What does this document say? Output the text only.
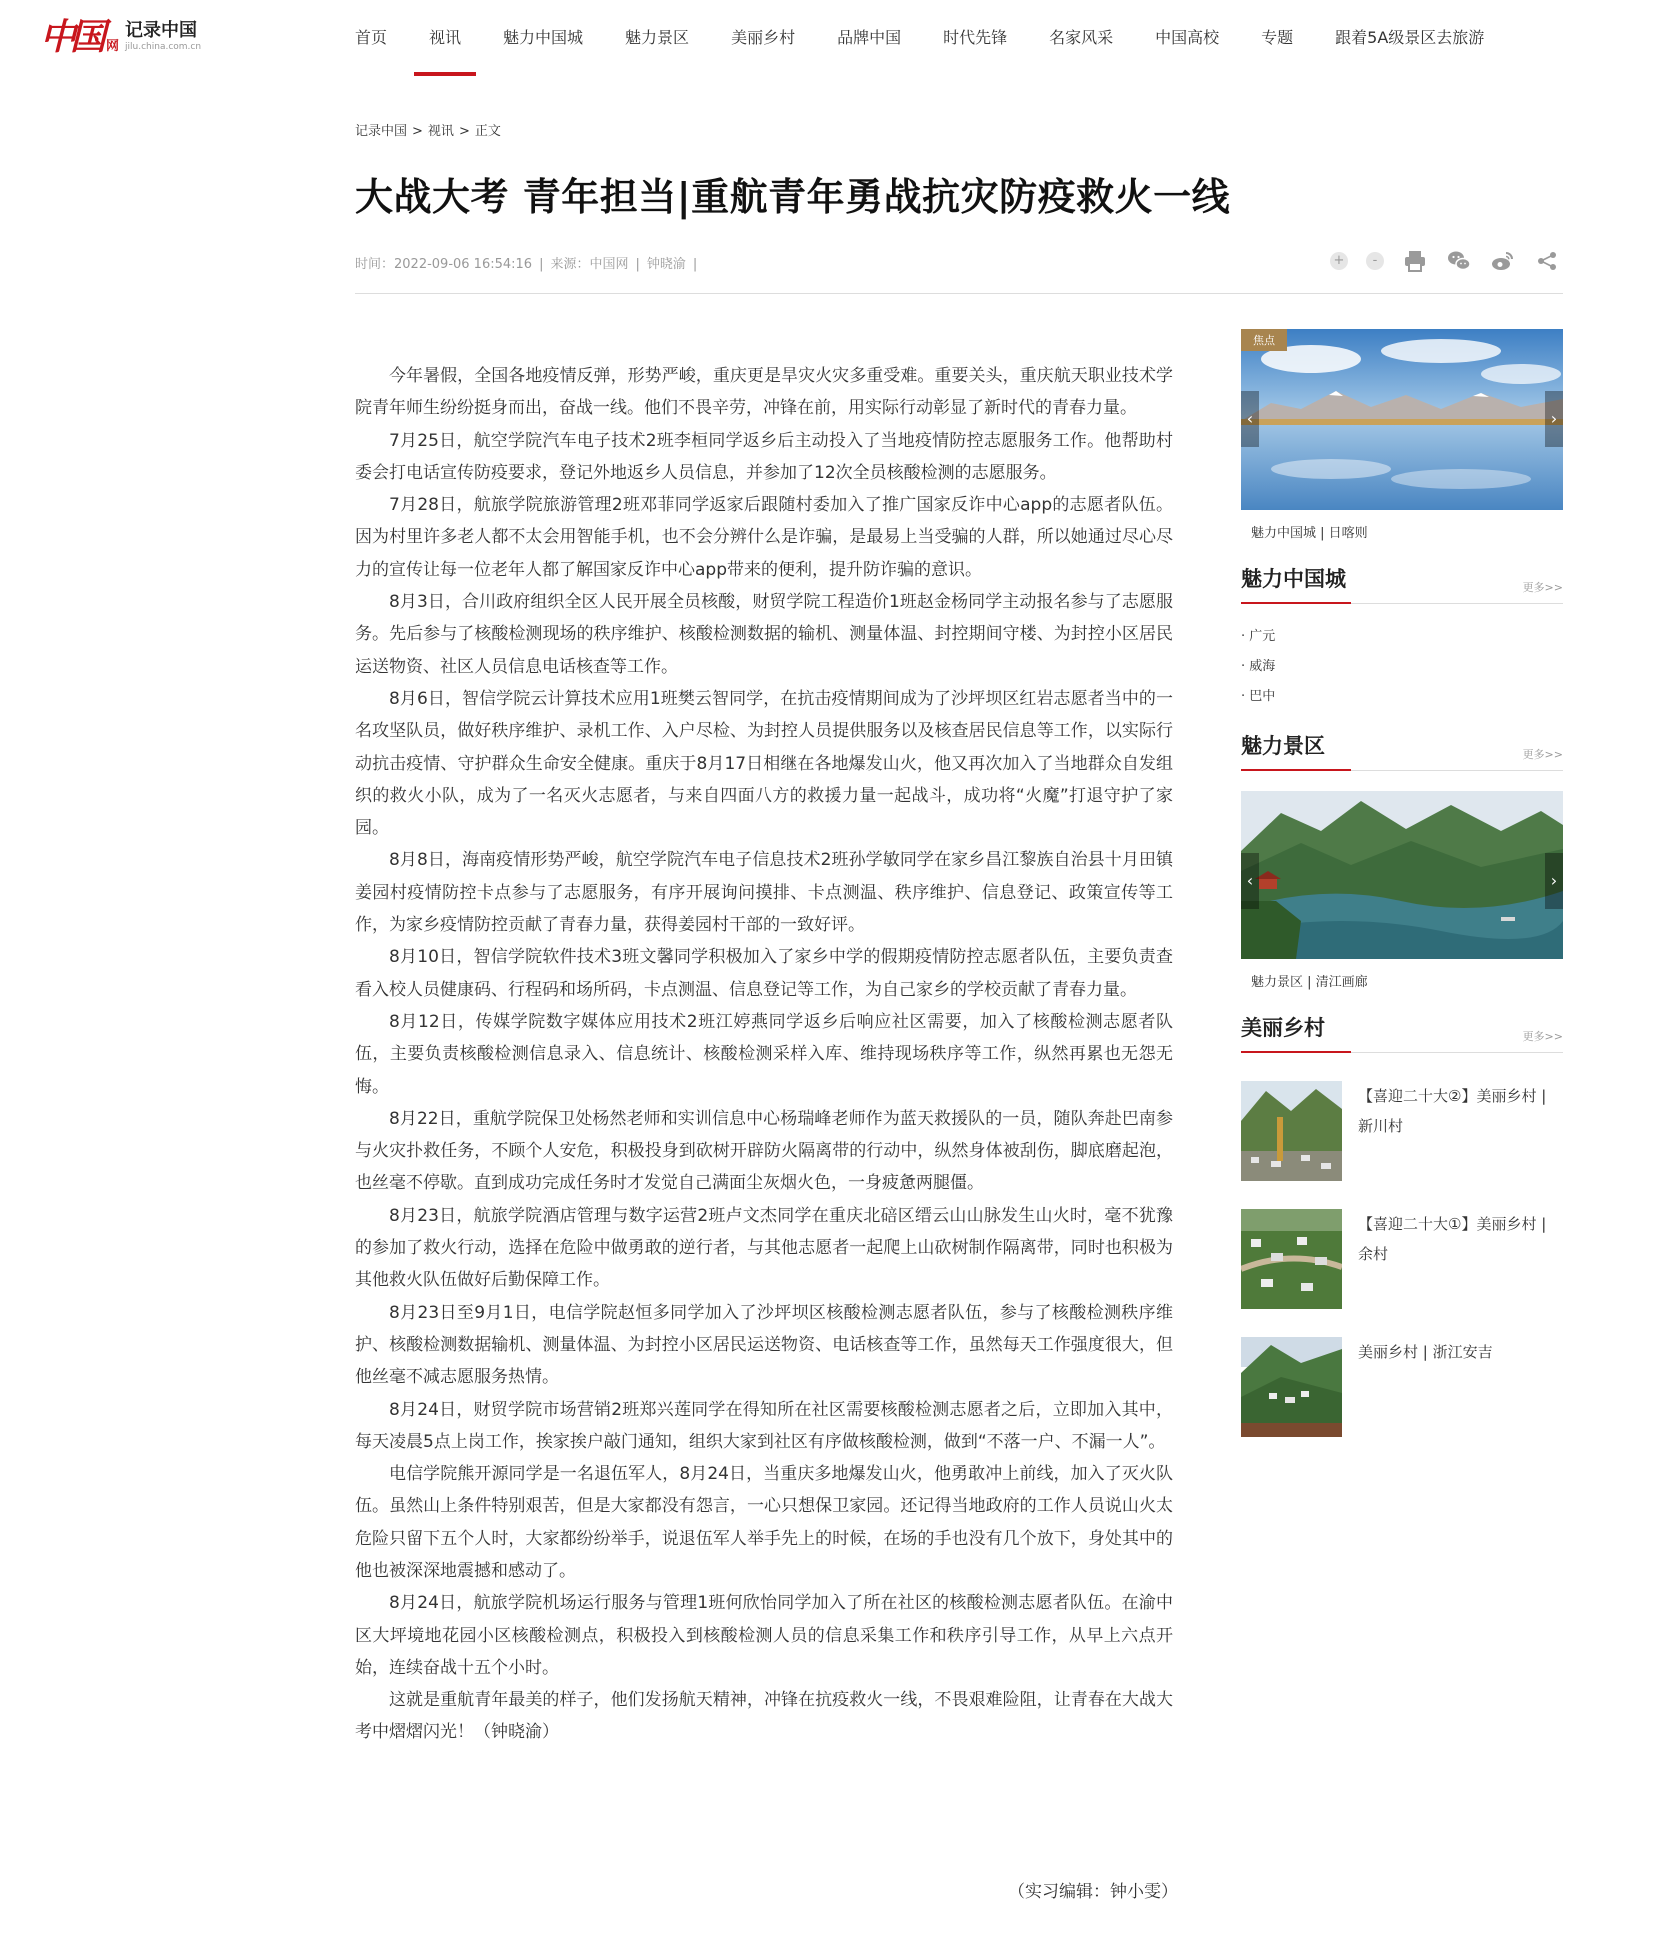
中国 网
记录中国
jilu.china.com.cn	首页	视讯	魅力中国城	魅力景区	美丽乡村	品牌中国	时代先锋	名家风采	中国高校	专题	跟着5A级景区去旅游
记录中国 > 视讯 > 正文
大战大考 青年担当|重航青年勇战抗灾防疫救火一线
时间：2022-09-06 16:54:16 | 来源：中国网 | 钟晓渝 |	+	-

今年暑假，全国各地疫情反弹，形势严峻，重庆更是旱灾火灾多重受难。重要关头，重庆航天职业技术学院青年师生纷纷挺身而出，奋战一线。他们不畏辛劳，冲锋在前，用实际行动彰显了新时代的青春力量。

7月25日，航空学院汽车电子技术2班李桓同学返乡后主动投入了当地疫情防控志愿服务工作。他帮助村委会打电话宣传防疫要求，登记外地返乡人员信息，并参加了12次全员核酸检测的志愿服务。

7月28日，航旅学院旅游管理2班邓菲同学返家后跟随村委加入了推广国家反诈中心app的志愿者队伍。因为村里许多老人都不太会用智能手机，也不会分辨什么是诈骗，是最易上当受骗的人群，所以她通过尽心尽力的宣传让每一位老年人都了解国家反诈中心app带来的便利，提升防诈骗的意识。

8月3日，合川政府组织全区人民开展全员核酸，财贸学院工程造价1班赵金杨同学主动报名参与了志愿服务。先后参与了核酸检测现场的秩序维护、核酸检测数据的输机、测量体温、封控期间守楼、为封控小区居民运送物资、社区人员信息电话核查等工作。

8月6日，智信学院云计算技术应用1班樊云智同学，在抗击疫情期间成为了沙坪坝区红岩志愿者当中的一名攻坚队员，做好秩序维护、录机工作、入户尽检、为封控人员提供服务以及核查居民信息等工作，以实际行动抗击疫情、守护群众生命安全健康。重庆于8月17日相继在各地爆发山火，他又再次加入了当地群众自发组织的救火小队，成为了一名灭火志愿者，与来自四面八方的救援力量一起战斗，成功将“火魔”打退守护了家园。

8月8日，海南疫情形势严峻，航空学院汽车电子信息技术2班孙学敏同学在家乡昌江黎族自治县十月田镇姜园村疫情防控卡点参与了志愿服务，有序开展询问摸排、卡点测温、秩序维护、信息登记、政策宣传等工作，为家乡疫情防控贡献了青春力量，获得姜园村干部的一致好评。

8月10日，智信学院软件技术3班文馨同学积极加入了家乡中学的假期疫情防控志愿者队伍，主要负责查看入校人员健康码、行程码和场所码，卡点测温、信息登记等工作，为自己家乡的学校贡献了青春力量。

8月12日，传媒学院数字媒体应用技术2班江婷燕同学返乡后响应社区需要，加入了核酸检测志愿者队伍，主要负责核酸检测信息录入、信息统计、核酸检测采样入库、维持现场秩序等工作，纵然再累也无怨无悔。

8月22日，重航学院保卫处杨然老师和实训信息中心杨瑞峰老师作为蓝天救援队的一员，随队奔赴巴南参与火灾扑救任务，不顾个人安危，积极投身到砍树开辟防火隔离带的行动中，纵然身体被刮伤，脚底磨起泡，也丝毫不停歇。直到成功完成任务时才发觉自己满面尘灰烟火色，一身疲惫两腿僵。

8月23日，航旅学院酒店管理与数字运营2班卢文杰同学在重庆北碚区缙云山山脉发生山火时，毫不犹豫的参加了救火行动，选择在危险中做勇敢的逆行者，与其他志愿者一起爬上山砍树制作隔离带，同时也积极为其他救火队伍做好后勤保障工作。

8月23日至9月1日，电信学院赵恒多同学加入了沙坪坝区核酸检测志愿者队伍，参与了核酸检测秩序维护、核酸检测数据输机、测量体温、为封控小区居民运送物资、电话核查等工作，虽然每天工作强度很大，但他丝毫不减志愿服务热情。

8月24日，财贸学院市场营销2班郑兴莲同学在得知所在社区需要核酸检测志愿者之后，立即加入其中，每天凌晨5点上岗工作，挨家挨户敲门通知，组织大家到社区有序做核酸检测，做到“不落一户、不漏一人”。

电信学院熊开源同学是一名退伍军人，8月24日，当重庆多地爆发山火，他勇敢冲上前线，加入了灭火队伍。虽然山上条件特别艰苦，但是大家都没有怨言，一心只想保卫家园。还记得当地政府的工作人员说山火太危险只留下五个人时，大家都纷纷举手，说退伍军人举手先上的时候，在场的手也没有几个放下，身处其中的他也被深深地震撼和感动了。

8月24日，航旅学院机场运行服务与管理1班何欣怡同学加入了所在社区的核酸检测志愿者队伍。在渝中区大坪境地花园小区核酸检测点，积极投入到核酸检测人员的信息采集工作和秩序引导工作，从早上六点开始，连续奋战十五个小时。

这就是重航青年最美的样子，他们发扬航天精神，冲锋在抗疫救火一线，不畏艰难险阻，让青春在大战大考中熠熠闪光！（钟晓渝）

（实习编辑：钟小雯）
焦点
‹	›
魅力中国城 | 日喀则
魅力中国城	更多>>
· 广元
· 威海
· 巴中
魅力景区	更多>>
‹	›
魅力景区 | 清江画廊
美丽乡村	更多>>
【喜迎二十大②】美丽乡村 | 新川村
【喜迎二十大①】美丽乡村 | 余村
美丽乡村 | 浙江安吉
